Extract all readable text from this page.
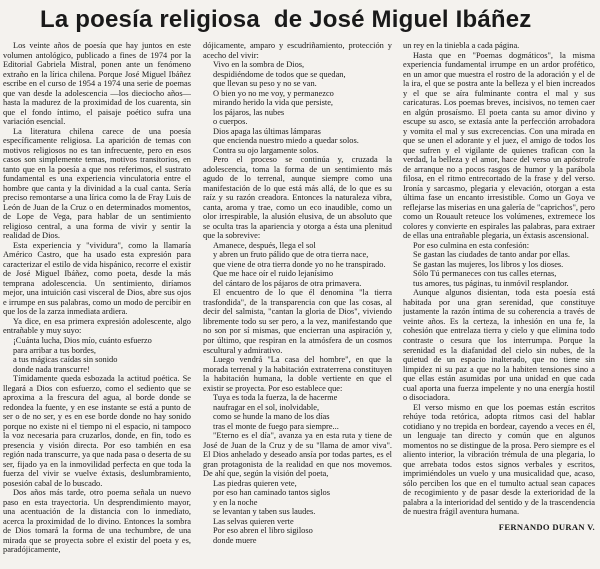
La poesía religiosa de José Miguel Ibáñez

Los veinte años de poesía que hay juntos en este volumen antológico, publicado a fines de 1974 por la Editorial Gabriela Mistral, ponen ante un fenómeno extraño en la lírica chilena. Porque José Miguel Ibáñez escribe en el curso de 1954 a 1974 una serie de poemas que van desde la adolescencia —los dieciocho años— hasta la madurez de la proximidad de los cuarenta, sin que el fondo íntimo, el paisaje poético sufra una variación esencial.

La literatura chilena carece de una poesía específicamente religiosa. La aparición de temas con motivos religiosos no es tan infrecuente, pero en esos casos son simplemente temas, motivos transitorios, en tanto que en la poesía a que nos referimos, el sustrato fundamental es una experiencia vinculatoria entre el hombre que canta y la divinidad a la cual canta. Sería preciso remontarse a una lírica como la de Fray Luis de León de Juan de la Cruz o en determinados momentos, de Lope de Vega, para hablar de un sentimiento religioso central, a una forma de vivir y sentir la realidad de Dios.

Esta experiencia y "vividura", como la llamaría Américo Castro, que ha usado esta expresión para caracterizar el estilo de vida hispánico, recorre el existir de José Miguel Ibáñez, como poeta, desde la más temprana adolescencia. Un sentimiento, diríamos mejor, una intuición casi visceral de Dios, abre sus ojos e irrumpe en sus palabras, como un modo de percibir en que los de la zarza inmediata ardiera.

Ya dice, en esa primera expresión adolescente, algo entrañable y muy suyo:

¡Cuánta lucha, Dios mío, cuánto esfuerzo
para arribar a tus bordes,
a tus mágicas caídas sin sonido
donde nada transcurre!

Tímidamente queda esbozada la actitud poética. Se llegará a Dios con esfuerzo, como el sediento que se aproxima a la frescura del agua, al borde donde se redondea la fuente, y en ese instante se está a punto de ser o de no ser, y es en ese borde donde no hay sonido porque no existe ni el tiempo ni el espacio, ni tampoco la voz necesaria para cruzarlos, donde, en fin, todo es presencia y visión directa. Por eso también en esa región nada transcurre, ya que nada pasa o deserta de su ser, fijado ya en la inmovilidad perfecta en que toda la fuerza del vivir se vuelve éxtasis, deslumbramiento, posesión cabal de lo buscado.

Dos años más tarde, otro poema señala un nuevo paso en esta trayectoria. Un desprendimiento mayor, una acentuación de la distancia con lo inmediato, acerca la proximidad de lo divino. Entonces la sombra de Dios tomará la forma de una techumbre, de una mirada que se proyecta sobre el existir del poeta y es, paradójicamente,

dójicamente, amparo y escudriñamiento, protección y acecho del vivir:

Vivo en la sombra de Dios,
despidiéndome de todos que se quedan,
que llevan su peso y no se van.
O bien yo no me voy, y permanezco
mirando herido la vida que persiste,
los pájaros, las nubes
o cuerpos.
Dios apaga las últimas lámparas
que encienda nuestro miedo a quedar solos.
Contra su ojo largamente solos.

Pero el proceso se continúa y, cruzada la adolescencia, toma la forma de un sentimiento más agudo de lo terrenal, aunque siempre como una manifestación de lo que está más allá, de lo que es su raíz y su razón creadora. Entonces la naturaleza vibra, canta, aroma y trae, como un eco inaudible, como un olor irrespirable, la alusión elusiva, de un absoluto que se oculta tras la apariencia y otorga a ésta una plenitud que la sobrevive:

Amanece, después, llega el sol
y abren un fruto pálido que de otra tierra nace,
que viene de otra tierra donde yo no he transpirado.
Que me hace oír el ruido lejanísimo
del cántaro de los pájaros de otra primavera.

El encuentro de lo que él denomina "la tierra trasfondida", de la transparencia con que las cosas, al decir del salmista, "cantan la gloria de Dios", viviendo libremente todo su ser pero, a la vez, manifestando que no son por sí mismas, que encierran una aspiración y, por último, que respiran en la atmósfera de un cosmos escultural y admirativo.

Luego vendrá "La casa del hombre", en que la morada terrenal y la habitación extraterrena constituyen la habitación humana, la doble vertiente en que el existir se proyecta. Por eso establece que:

Tuya es toda la fuerza, la de hacerme
naufragar en el sol, inolvidable,
como se hunde la mano de los días
tras el monte de fuego para siempre...

"Eterno es el día", avanza ya en esta ruta y tiene de José de Juan de la Cruz y de su "llama de amor viva". El Dios anhelado y deseado ansía por todas partes, es el gran protagonista de la realidad en que nos movemos. De ahí que, según la visión del poeta,

Las piedras quieren vete,
por eso han caminado tantos siglos
y en la noche
se levantan y taben sus laudes.
Las selvas quieren verte
Por eso abren el libro sigiloso
donde muere

un rey en la tiniebla a cada página.

Hasta que en "Poemas dogmáticos", la misma experiencia fundamental irrumpe en un ardor profético, en un amor que muestra el rostro de la adoración y el de la ira, el que se postra ante la belleza y el bien increados y el que se aíra fulminante contra el mal y sus caricaturas. Los poemas breves, incisivos, no temen caer en algún prosaísmo. El poeta canta su amor divino y escupe su asco, se extasía ante la perfección arrobadora y vomita el mal y sus excrecencias. Con una mirada en que se unen el adorante y el juez, el amigo de todos los que sufren y el vigilante de quienes trafican con la verdad, la belleza y el amor, hace del verso un apóstrofe de arranque no a pocos rasgos de humor y la parábola filosa, en el ritmo entrecortado de la frase y del verso. Ironía y sarcasmo, plegaria y elevación, otorgan a esta última fase un encanto irresistible. Como un Goya ve reflejarse las miserias en una galería de "caprichos", pero como un Rouault reteuce los volúmenes, extremece los colores y convierte en espirales las palabras, para extraer de ellas una entrañable plegaria, un éxtasis ascensional.

Por eso culmina en esta confesión:

Se gastan las ciudades de tanto andar por ellas.
Se gastan las mujeres, los libros y los dioses.
Sólo Tú permaneces con tus calles eternas,
tus amores, tus páginas, tu inmóvil resplandor.

Aunque algunos disientan, toda esta poesía está habitada por una gran serenidad, que constituye justamente la razón íntima de su coherencia a través de veinte años. Es la certeza, la inhesión en una fe, la cohesión que entrelaza tierra y cielo y que elimina todo contraste o cesura que los interrumpa. Porque la serenidad es la diafanidad del cielo sin nubes, de la quietud de un espacio inalterado, que no tiene sin limpidez ni su paz a que no la habiten tensiones sino a que ellas están asumidas por una unidad en que cada cual aporta una fuerza impelente y no una energía hostil o disociadora.

El verso mismo en que los poemas están escritos rehúye toda retórica, adopta ritmos casi del hablar cotidiano y no trepida en bordear, cayendo a veces en él, un lenguaje tan directo y común que en algunos momentos no se distingue de la prosa. Pero siempre es el aliento interior, la vibración trémula de una plegaria, lo que arrebata todos estos signos verbales y escritos, imprimiéndoles un vuelo y una musicalidad que, acaso, sólo perciben los que en el tumulto actual sean capaces de recogimiento y de pasar desde la exterioridad de la palabra a la interioridad del sentido y de la trascendencia de nuestra frágil aventura humana.

FERNANDO DURAN V.
